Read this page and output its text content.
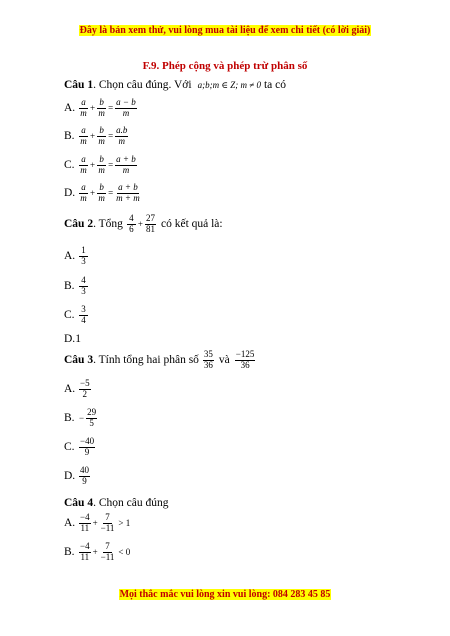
Đây là bản xem thử, vui lòng mua tài liệu để xem chi tiết (có lời giải)
F.9. Phép cộng và phép trừ phân số
Câu 1 . Chọn câu đúng. Với a;b;m ∈ Z; m ≠ 0 ta có
A. $\frac{a}{m} + \frac{b}{m} = \frac{a - b}{m}$
B. $\frac{a}{m} + \frac{b}{m} = \frac{a.b}{m}$
C. $\frac{a}{m} + \frac{b}{m} = \frac{a + b}{m}$
D. $\frac{a}{m} + \frac{b}{m} = \frac{a + b}{m + m}$
Câu 2 . Tổng $\frac{4}{6} + \frac{27}{81}$ có kết quả là:
A. $\frac{1}{3}$
B. $\frac{4}{3}$
C. $\frac{3}{4}$
D. 1
Câu 3 . Tính tổng hai phân số $\frac{35}{36}$ và $\frac{-125}{36}$
A. $\frac{-5}{2}$
B. − $\frac{29}{5}$
C. $\frac{-40}{9}$
D. $\frac{40}{9}$
Câu 4 . Chọn câu đúng
A. $\frac{-4}{11} + \frac{7}{-11} > 1$
B. $\frac{-4}{11} + \frac{7}{-11} < 0$
Mọi thắc mắc vui lòng xin vui lòng: 084 283 45 85
